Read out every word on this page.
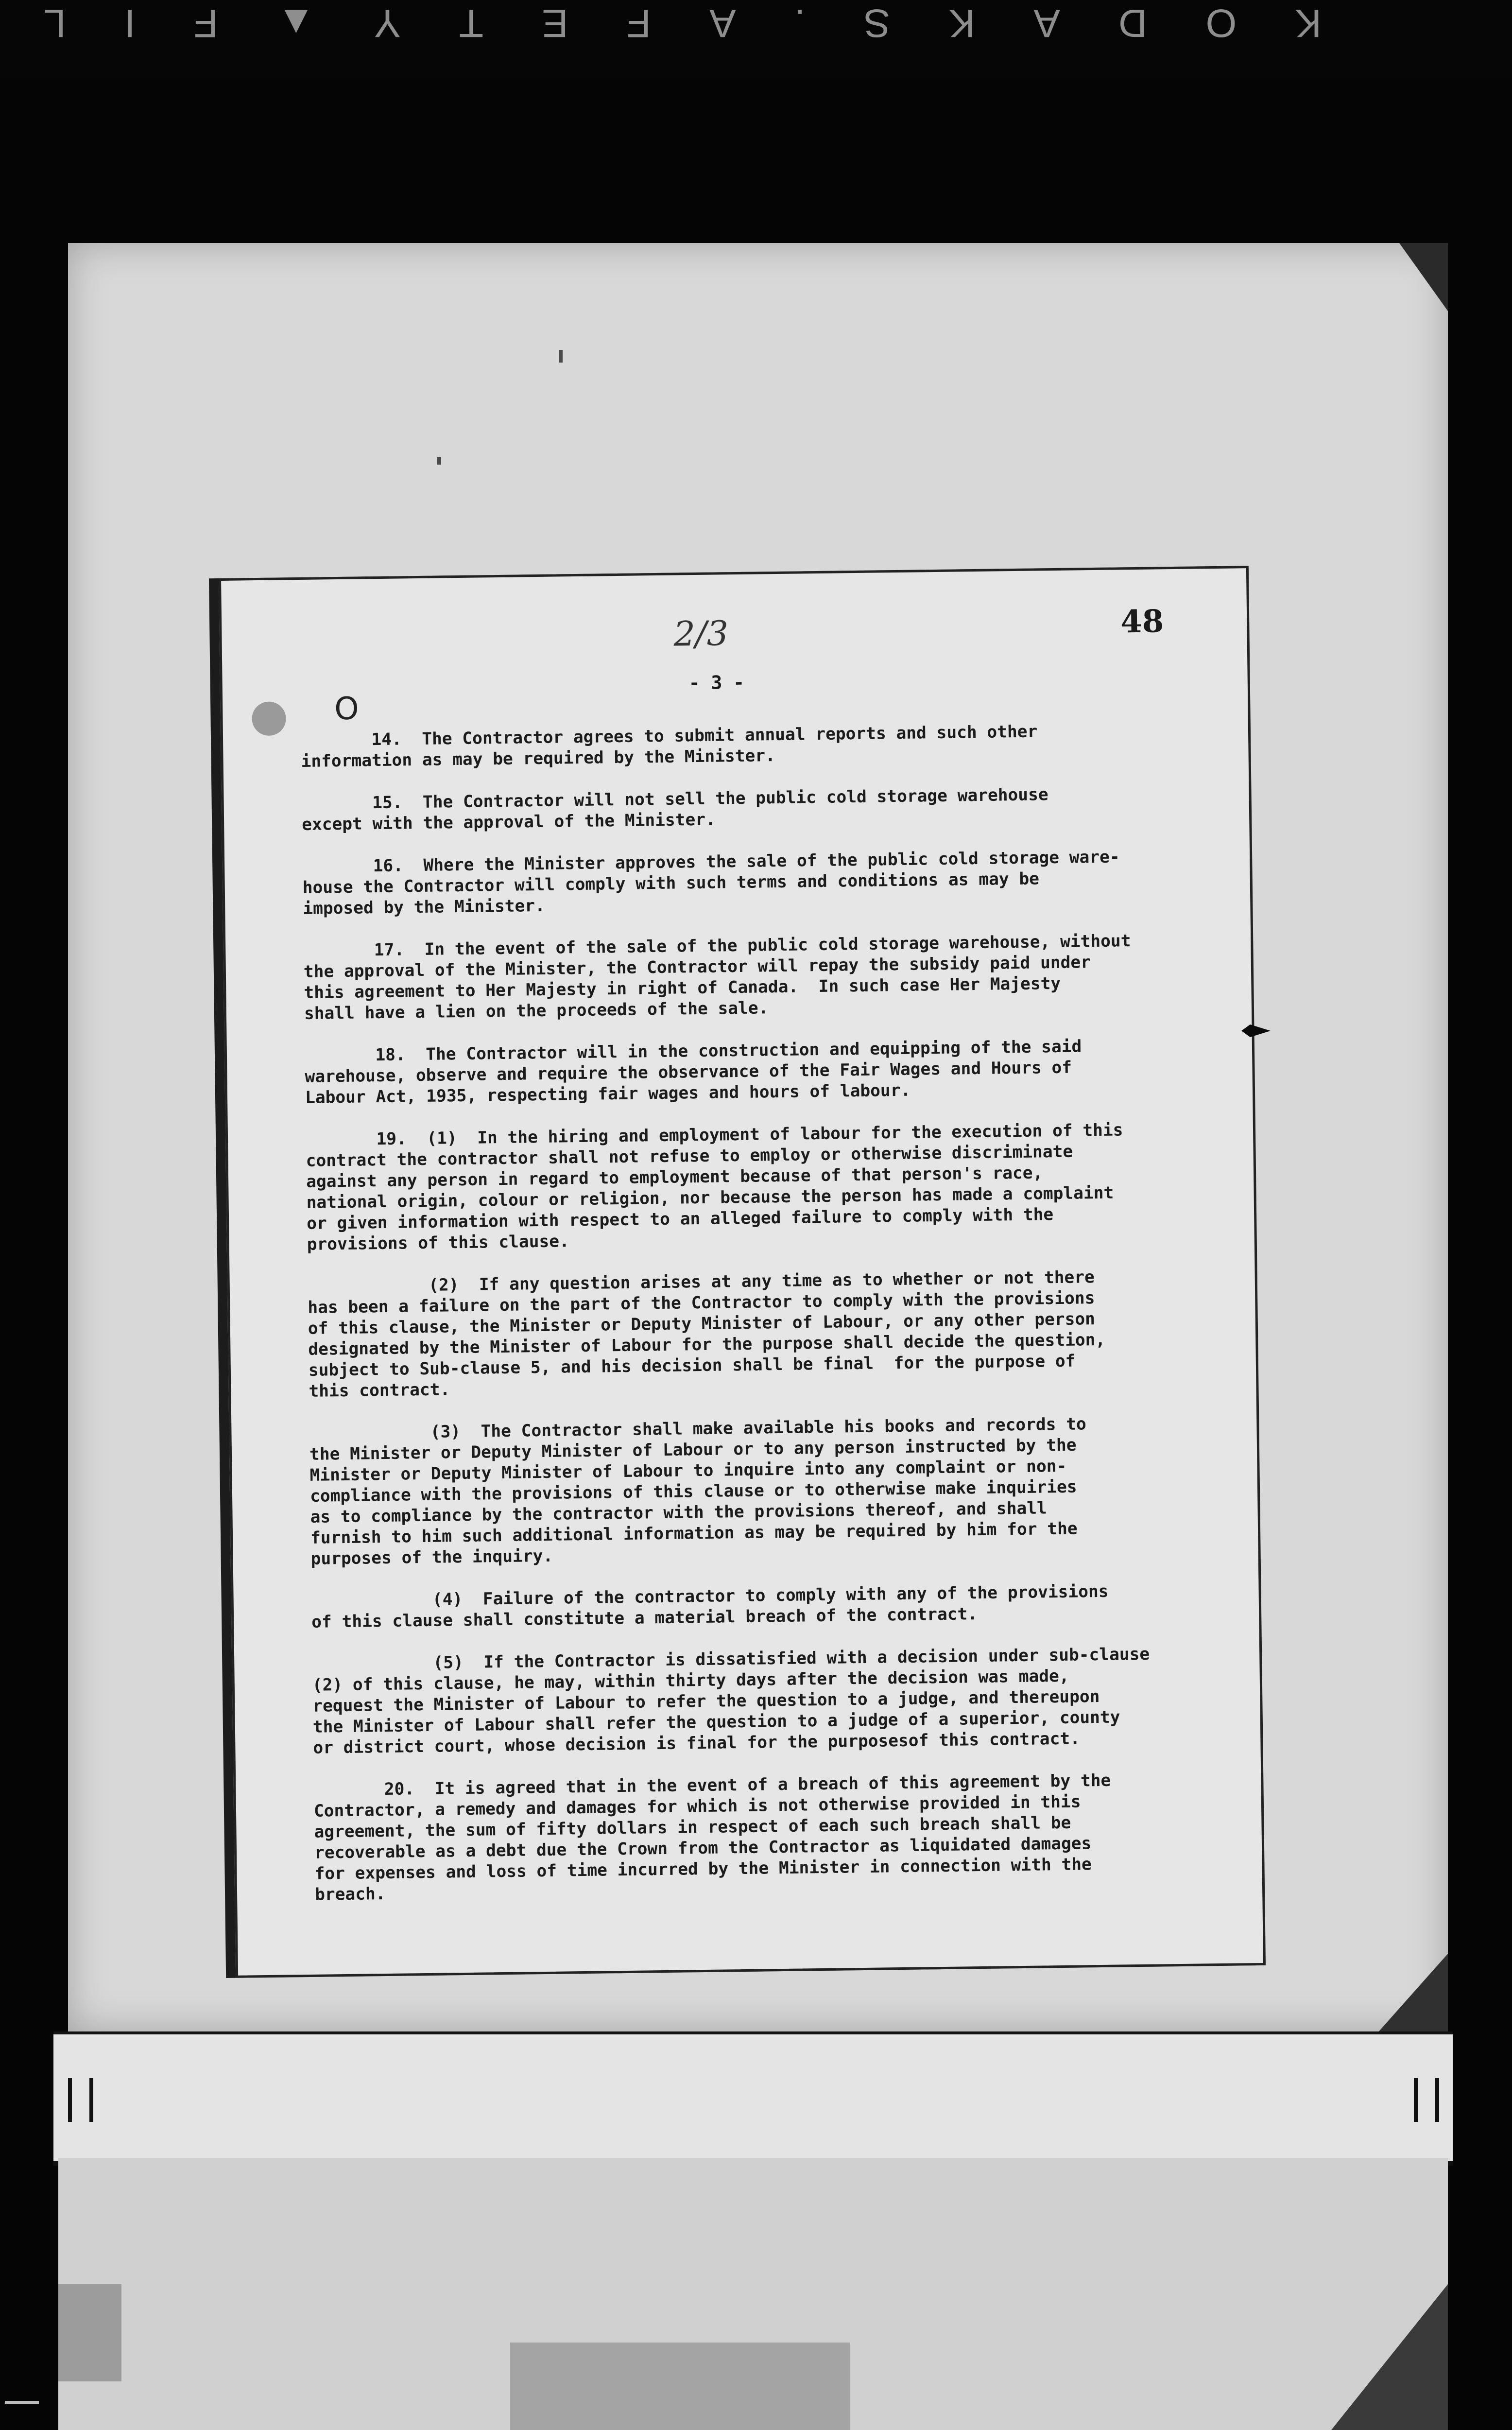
K
O
D
A
K
S
.
A
F
E
T
Y
▲
F
I
L
2/3	48
- 3 -
O

14.  The Contractor agrees to submit annual reports and such other
information as may be required by the Minister.

15.  The Contractor will not sell the public cold storage warehouse
except with the approval of the Minister.

16.  Where the Minister approves the sale of the public cold storage ware-
house the Contractor will comply with such terms and conditions as may be
imposed by the Minister.

17.  In the event of the sale of the public cold storage warehouse, without
the approval of the Minister, the Contractor will repay the subsidy paid under
this agreement to Her Majesty in right of Canada.  In such case Her Majesty
shall have a lien on the proceeds of the sale.

18.  The Contractor will in the construction and equipping of the said
warehouse, observe and require the observance of the Fair Wages and Hours of
Labour Act, 1935, respecting fair wages and hours of labour.

19.  (1)  In the hiring and employment of labour for the execution of this
contract the contractor shall not refuse to employ or otherwise discriminate
against any person in regard to employment because of that person's race,
national origin, colour or religion, nor because the person has made a complaint
or given information with respect to an alleged failure to comply with the
provisions of this clause.

(2)  If any question arises at any time as to whether or not there
has been a failure on the part of the Contractor to comply with the provisions
of this clause, the Minister or Deputy Minister of Labour, or any other person
designated by the Minister of Labour for the purpose shall decide the question,
subject to Sub-clause 5, and his decision shall be final  for the purpose of
this contract.

(3)  The Contractor shall make available his books and records to
the Minister or Deputy Minister of Labour or to any person instructed by the
Minister or Deputy Minister of Labour to inquire into any complaint or non-
compliance with the provisions of this clause or to otherwise make inquiries
as to compliance by the contractor with the provisions thereof, and shall
furnish to him such additional information as may be required by him for the
purposes of the inquiry.

(4)  Failure of the contractor to comply with any of the provisions
of this clause shall constitute a material breach of the contract.

(5)  If the Contractor is dissatisfied with a decision under sub-clause
(2) of this clause, he may, within thirty days after the decision was made,
request the Minister of Labour to refer the question to a judge, and thereupon
the Minister of Labour shall refer the question to a judge of a superior, county
or district court, whose decision is final for the purposesof this contract.

20.  It is agreed that in the event of a breach of this agreement by the
Contractor, a remedy and damages for which is not otherwise provided in this
agreement, the sum of fifty dollars in respect of each such breach shall be
recoverable as a debt due the Crown from the Contractor as liquidated damages
for expenses and loss of time incurred by the Minister in connection with the
breach.
